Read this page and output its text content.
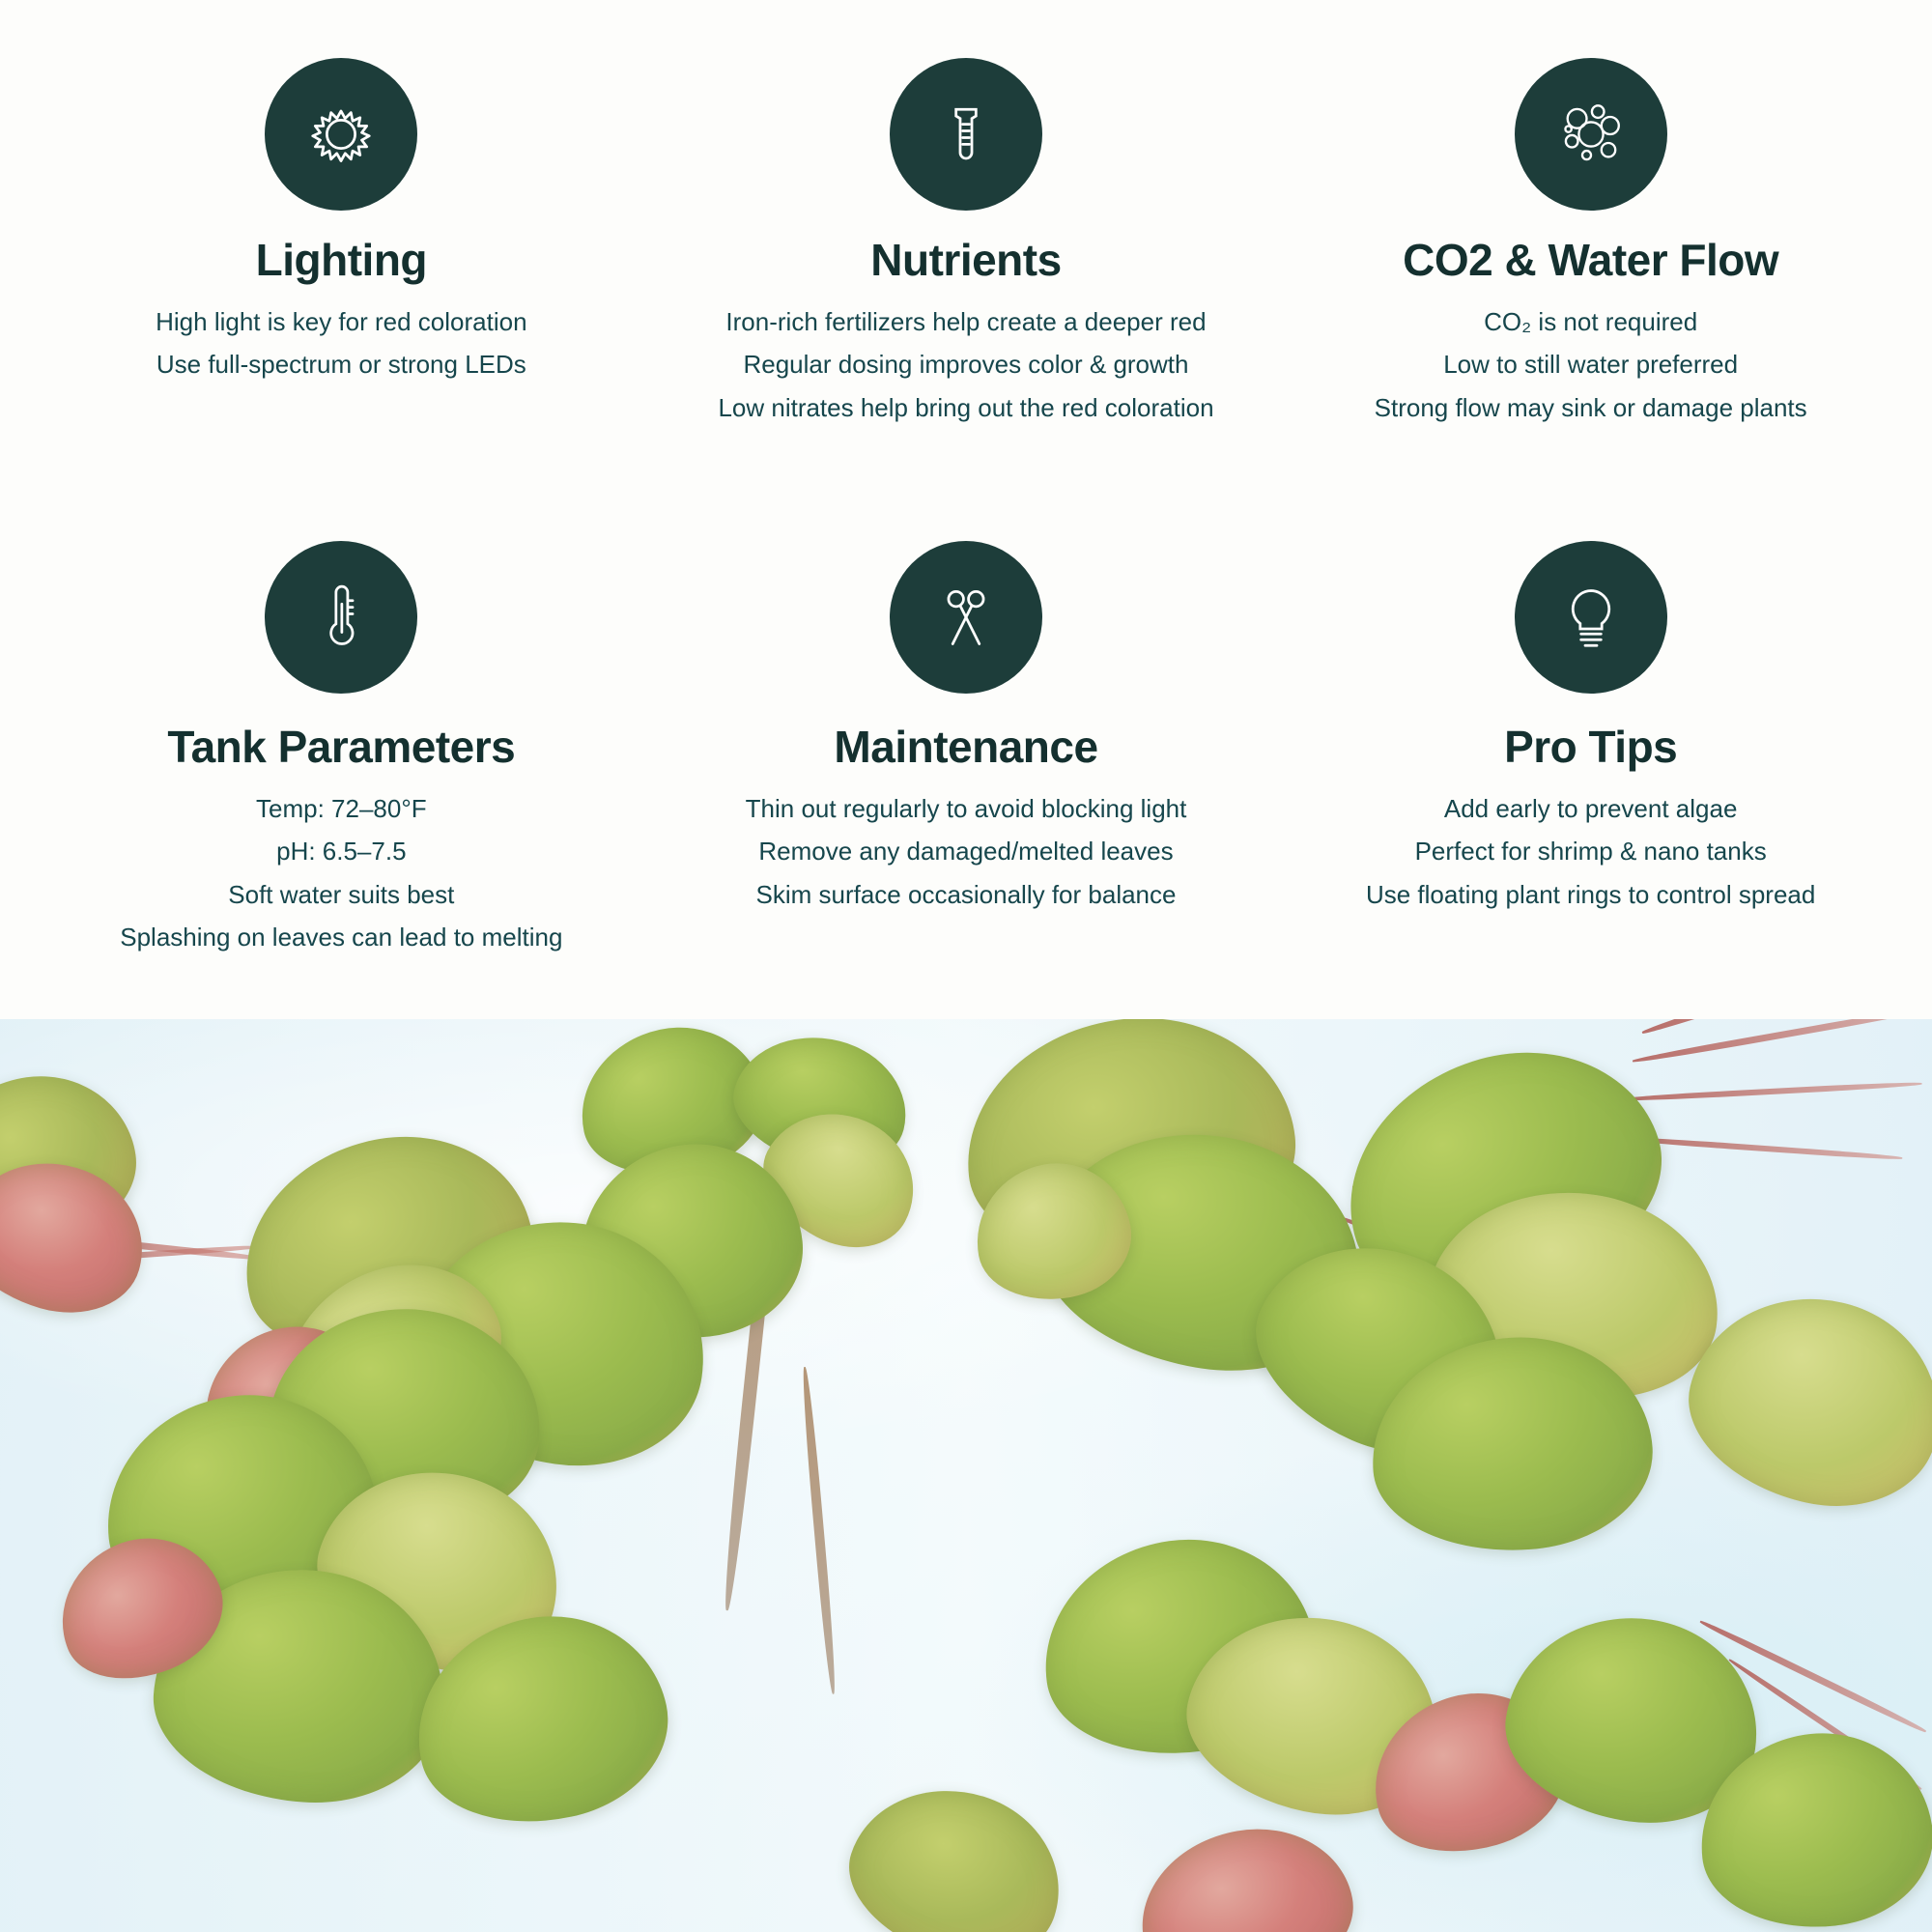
Lighting
High light is key for red coloration
Use full-spectrum or strong LEDs
Nutrients
Iron-rich fertilizers help create a deeper red
Regular dosing improves color & growth
Low nitrates help bring out the red coloration
CO2 & Water Flow
CO₂ is not required
Low to still water preferred
Strong flow may sink or damage plants
Tank Parameters
Temp: 72–80°F
pH: 6.5–7.5
Soft water suits best
Splashing on leaves can lead to melting
Maintenance
Thin out regularly to avoid blocking light
Remove any damaged/melted leaves
Skim surface occasionally for balance
Pro Tips
Add early to prevent algae
Perfect for shrimp & nano tanks
Use floating plant rings to control spread
